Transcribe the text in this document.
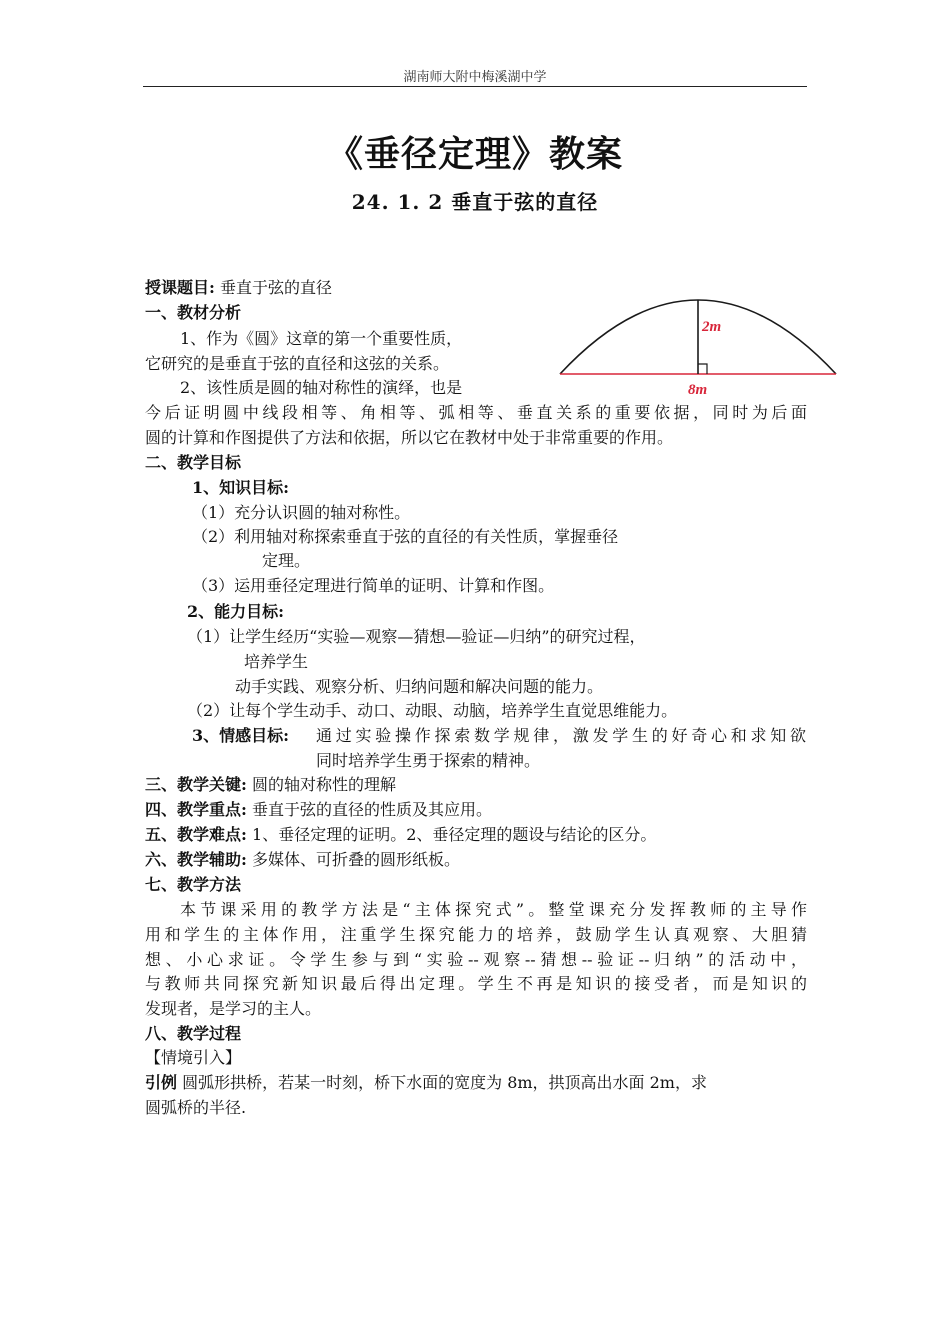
湖南师大附中梅溪湖中学
《垂径定理》教案
24. 1. 2 垂直于弦的直径
授课题目: 垂直于弦的直径
一、教材分析
1、作为《圆》这章的第一个重要性质，
它研究的是垂直于弦的直径和这弦的关系。
2、该性质是圆的轴对称性的演绎，也是
今后证明圆中线段相等、角相等、弧相等、垂直关系的重要依据，同时为后面
圆的计算和作图提供了方法和依据，所以它在教材中处于非常重要的作用。
2m
8m
二、教学目标
1、知识目标:
（1）充分认识圆的轴对称性。
（2）利用轴对称探索垂直于弦的直径的有关性质，掌握垂径
定理。
（3）运用垂径定理进行简单的证明、计算和作图。
2、能力目标:
（1）让学生经历“实验—观察—猜想—验证—归纳”的研究过程，
培养学生
动手实践、观察分析、归纳问题和解决问题的能力。
（2）让每个学生动手、动口、动眼、动脑，培养学生直觉思维能力。
3、情感目标: 通过实验操作探索数学规律，激发学生的好奇心和求知欲
同时培养学生勇于探索的精神。
三、教学关键: 圆的轴对称性的理解
四、教学重点: 垂直于弦的直径的性质及其应用。
五、教学难点: 1、垂径定理的证明。2、垂径定理的题设与结论的区分。
六、教学辅助: 多媒体、可折叠的圆形纸板。
七、教学方法
本节课采用的教学方法是“主体探究式”。整堂课充分发挥教师的主导作
用和学生的主体作用，注重学生探究能力的培养，鼓励学生认真观察、大胆猜
想、小心求证。令学生参与到“实验--观察--猜想--验证--归纳”的活动中，
与教师共同探究新知识最后得出定理。学生不再是知识的接受者，而是知识的
发现者，是学习的主人。
八、教学过程
【情境引入】
引例 圆弧形拱桥，若某一时刻，桥下水面的宽度为 8m，拱顶高出水面 2m，求
圆弧桥的半径.
